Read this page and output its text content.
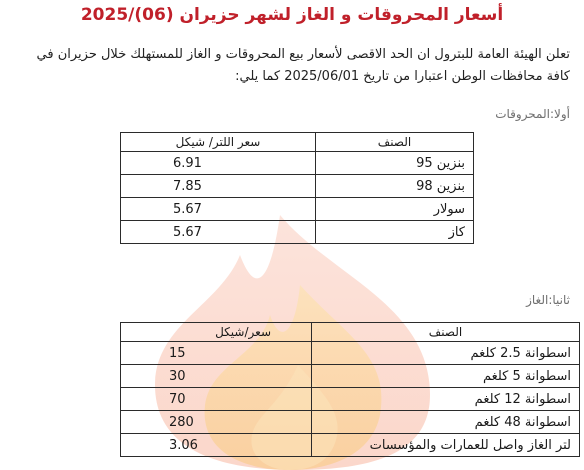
أسعار المحروقات و الغاز لشهر حزيران (06)/2025
تعلن الهيئة العامة للبترول ان الحد الاقصى لأسعار بيع المحروقات و الغاز للمستهلك خلال حزيران في كافة محافظات الوطن اعتبارا من تاريخ 2025/06/01 كما يلي:
أولا:المحروقات
الصنف	سعر اللتر/ شيكل
بنزين 95	6.91
بنزين 98	7.85
سولار	5.67
كاز	5.67
ثانيا:الغاز
الصنف	سعر/شيكل
اسطوانة 2.5 كلغم	15
اسطوانة 5 كلغم	30
اسطوانة 12 كلغم	70
اسطوانة 48 كلغم	280
لتر الغاز واصل للعمارات والمؤسسات	3.06
